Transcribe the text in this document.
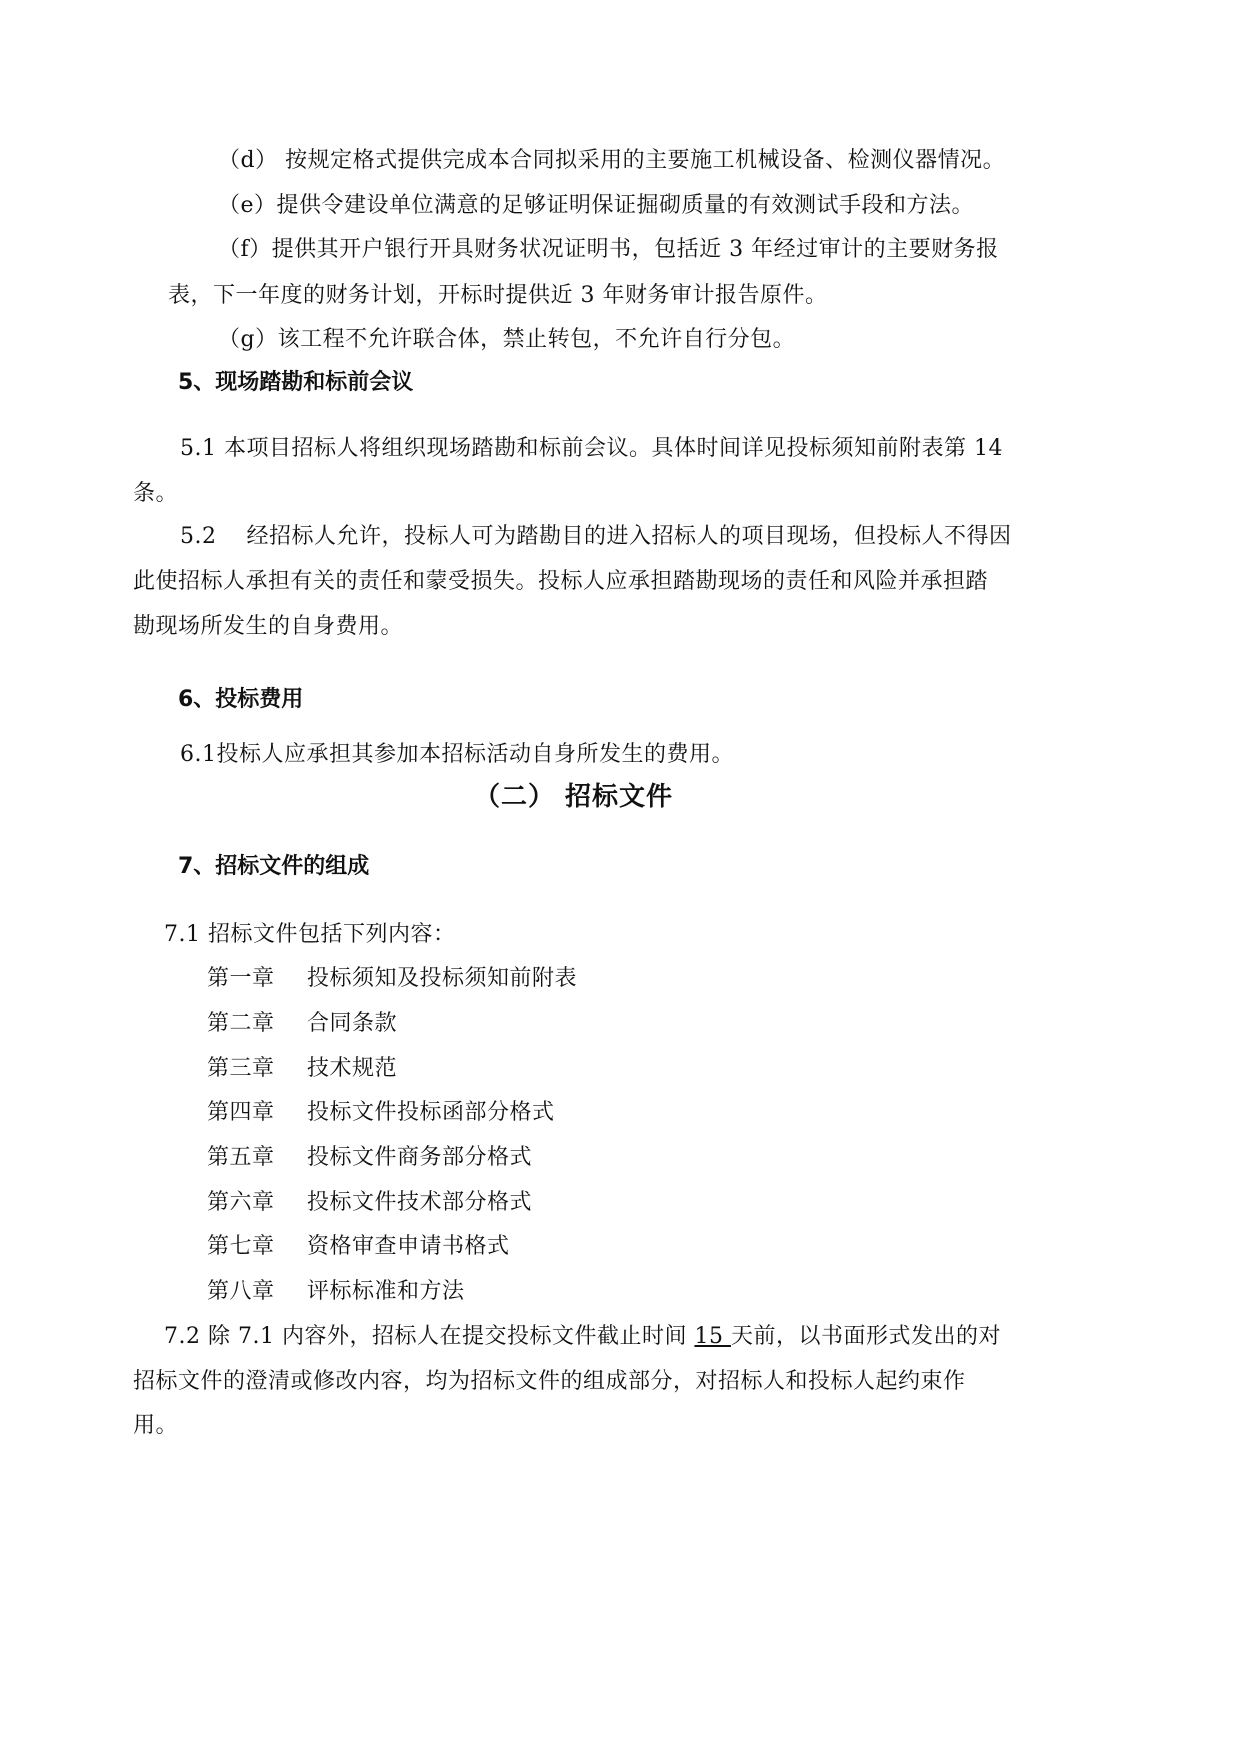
（d） 按规定格式提供完成本合同拟采用的主要施工机械设备、检测仪器情况。
（e）提供令建设单位满意的足够证明保证掘砌质量的有效测试手段和方法。
（f）提供其开户银行开具财务状况证明书，包括近 3 年经过审计的主要财务报
表，下一年度的财务计划，开标时提供近 3 年财务审计报告原件。
（g）该工程不允许联合体，禁止转包，不允许自行分包。
5、现场踏勘和标前会议
5.1 本项目招标人将组织现场踏勘和标前会议。具体时间详见投标须知前附表第 14
条。
5.2　 经招标人允许，投标人可为踏勘目的进入招标人的项目现场，但投标人不得因
此使招标人承担有关的责任和蒙受损失。投标人应承担踏勘现场的责任和风险并承担踏
勘现场所发生的自身费用。
6、投标费用
6.1投标人应承担其参加本招标活动自身所发生的费用。
（二） 招标文件
7、招标文件的组成
7.1 招标文件包括下列内容：
第一章 投标须知及投标须知前附表
第二章 合同条款
第三章 技术规范
第四章 投标文件投标函部分格式
第五章 投标文件商务部分格式
第六章 投标文件技术部分格式
第七章 资格审查申请书格式
第八章评标标准和方法
7.2 除 7.1 内容外，招标人在提交投标文件截止时间 15 天前，以书面形式发出的对
招标文件的澄清或修改内容，均为招标文件的组成部分，对招标人和投标人起约束作
用。
